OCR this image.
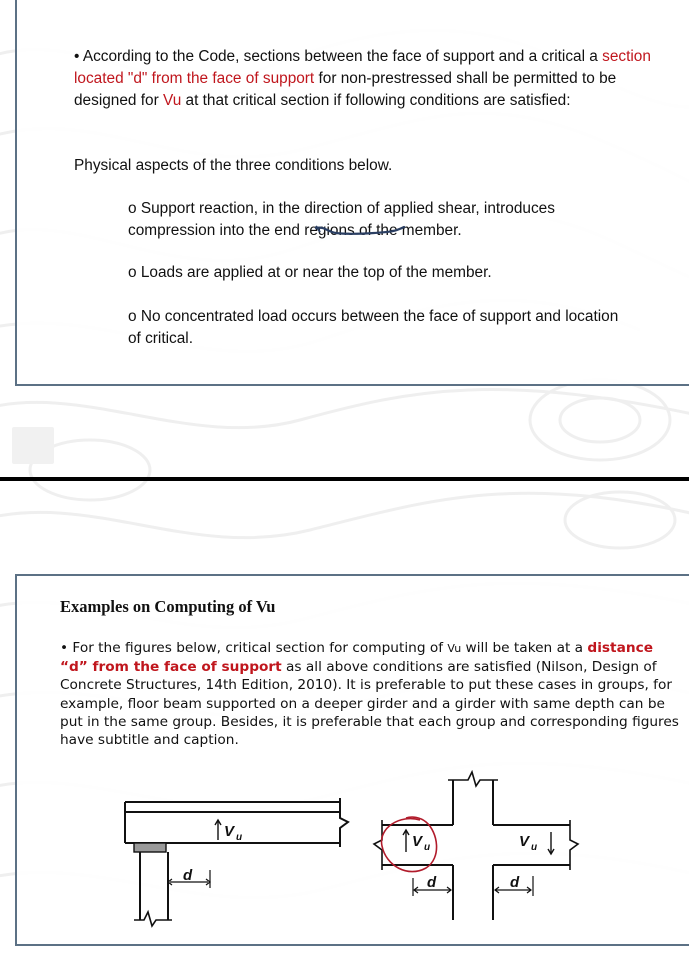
• According to the Code, sections between the face of support and a critical a section located "d" from the face of support for non-prestressed shall be permitted to be designed for Vu at that critical section if following conditions are satisfied:

Physical aspects of the three conditions below.

o Support reaction, in the direction of applied shear, introduces compression into the end regions of the member.

o Loads are applied at or near the top of the member.

o No concentrated load occurs between the face of support and location of critical.

Examples on Computing of Vu

• For the figures below, critical section for computing of Vu will be taken at a distance “d” from the face of support as all above conditions are satisfied (Nilson, Design of Concrete Structures, 14th Edition, 2010). It is preferable to put these cases in groups, for example, floor beam supported on a deeper girder and a girder with same depth can be put in the same group. Besides, it is preferable that each group and corresponding figures have subtitle and caption.

V u
d
V u	V u
d	d
